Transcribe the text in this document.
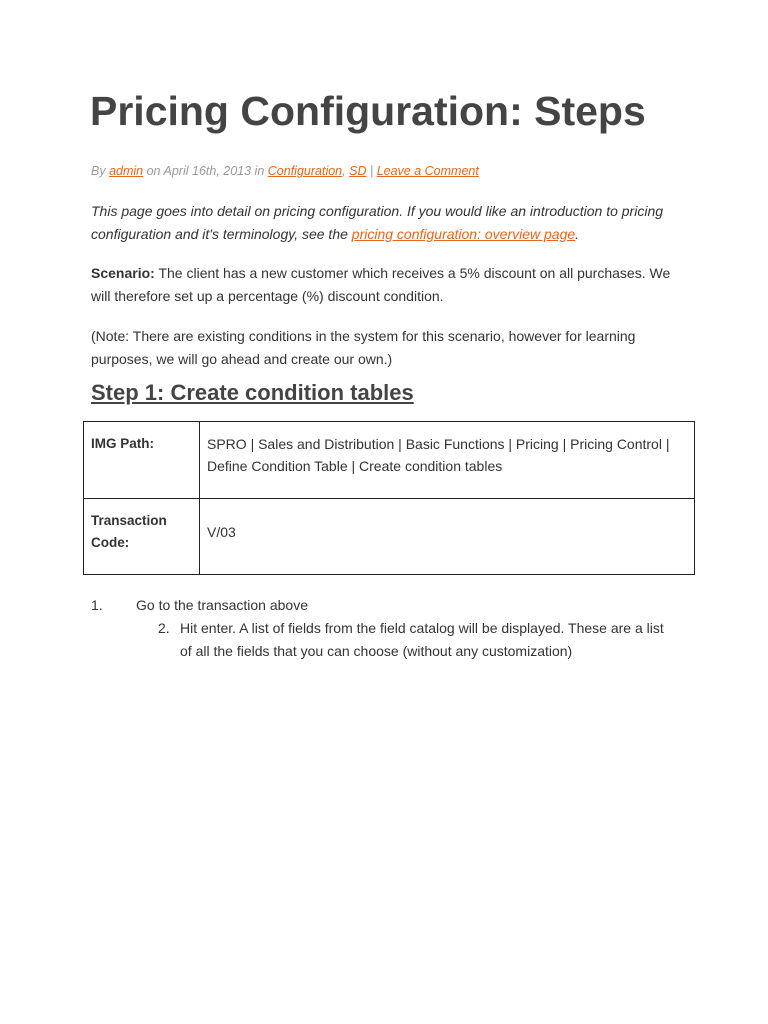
Pricing Configuration: Steps
By admin on April 16th, 2013 in Configuration, SD | Leave a Comment

This page goes into detail on pricing configuration. If you would like an introduction to pricing configuration and it's terminology, see the pricing configuration: overview page.

Scenario: The client has a new customer which receives a 5% discount on all purchases. We will therefore set up a percentage (%) discount condition.

(Note: There are existing conditions in the system for this scenario, however for learning purposes, we will go ahead and create our own.)

Step 1: Create condition tables
IMG Path:	SPRO | Sales and Distribution | Basic Functions | Pricing | Pricing Control | Define Condition Table | Create condition tables
Transaction Code:	V/03
1. Go to the transaction above
2. Hit enter. A list of fields from the field catalog will be displayed. These are a list of all the fields that you can choose (without any customization)
